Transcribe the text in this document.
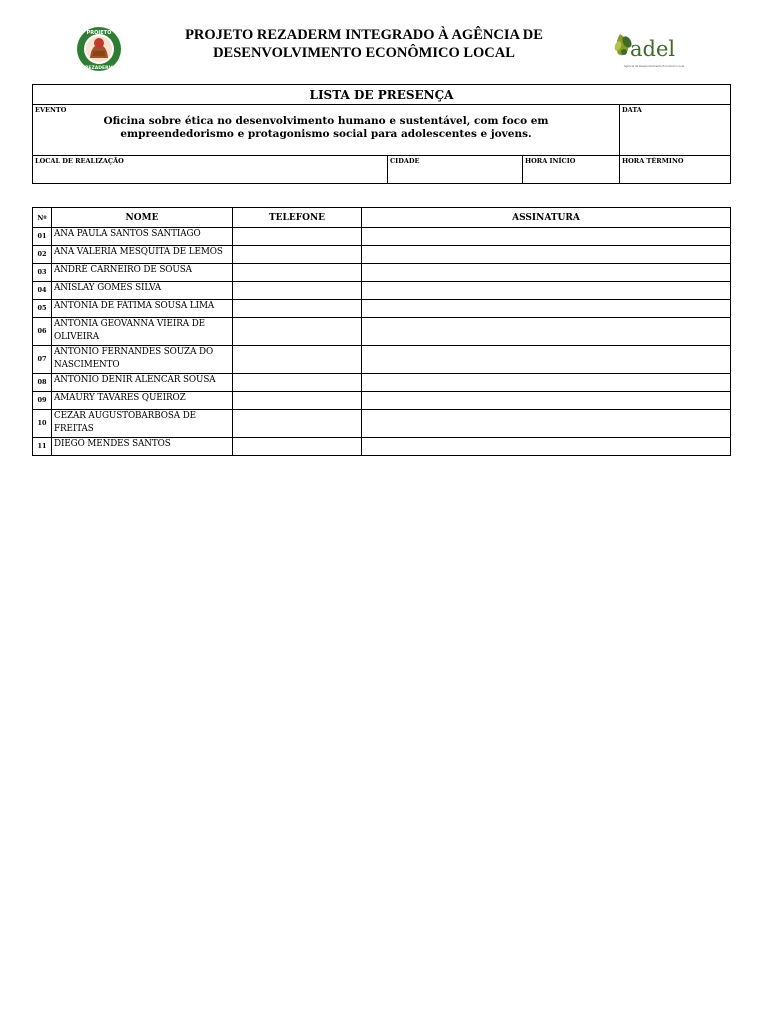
PROJETO
REZADERM
PROJETO REZADERM INTEGRADO À AGÊNCIA DE
DESENVOLVIMENTO ECONÔMICO LOCAL	adel
Agência de Desenvolvimento Econômico Local
LISTA DE PRESENÇA			

EVENTO
Oficina sobre ética no desenvolvimento humano e sustentável, com foco em
empreendedorismo e protagonismo social para adolescentes e jovens.			DATA

LOCAL DE REALIZAÇÃO	CIDADE	HORA INÍCIO	HORA TÉRMINO
Nº	NOME	TELEFONE	ASSINATURA
01	ANA PAULA SANTOS SANTIAGO		
02	ANA VALERIA MESQUITA DE LEMOS		
03	ANDRÉ CARNEIRO DE SOUSA		
04	ANISLAY GOMES SILVA		
05	ANTÔNIA DE FÁTIMA SOUSA LIMA		
06	ANTÔNIA GEOVANNA VIEIRA DE OLIVEIRA		
07	ANTÔNIO FERNANDES SOUZA DO NASCIMENTO		
08	ANTÔNIO DENIR ALENCAR SOUSA		
09	AMAURY TAVARES QUEIROZ		
10	CEZAR AUGUSTOBARBOSA DE FREITAS		
11	DIEGO MENDES SANTOS		
